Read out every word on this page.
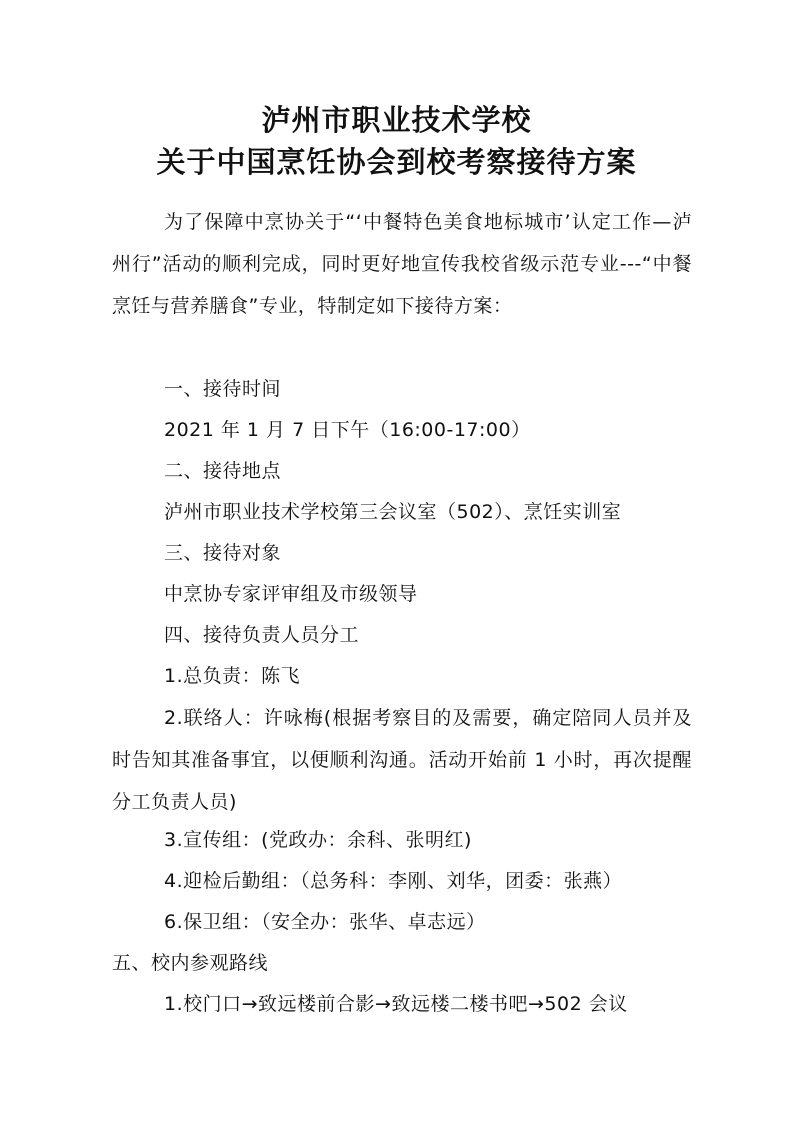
泸州市职业技术学校
关于中国烹饪协会到校考察接待方案
为了保障中烹协关于“‘中餐特色美食地标城市’认定工作—泸州行”活动的顺利完成，同时更好地宣传我校省级示范专业---“中餐烹饪与营养膳食”专业，特制定如下接待方案：
一、接待时间
2021 年 1 月 7 日下午（16:00-17:00）
二、接待地点
泸州市职业技术学校第三会议室（502）、烹饪实训室
三、接待对象
中烹协专家评审组及市级领导
四、接待负责人员分工
1.总负责：陈飞
2.联络人：许咏梅(根据考察目的及需要，确定陪同人员并及时告知其准备事宜，以便顺利沟通。活动开始前 1 小时，再次提醒分工负责人员)
3.宣传组：(党政办：余科、张明红)
4.迎检后勤组：（总务科：李刚、刘华，团委：张燕）
6.保卫组：（安全办：张华、卓志远）
五、校内参观路线
1.校门口→致远楼前合影→致远楼二楼书吧→502 会议
